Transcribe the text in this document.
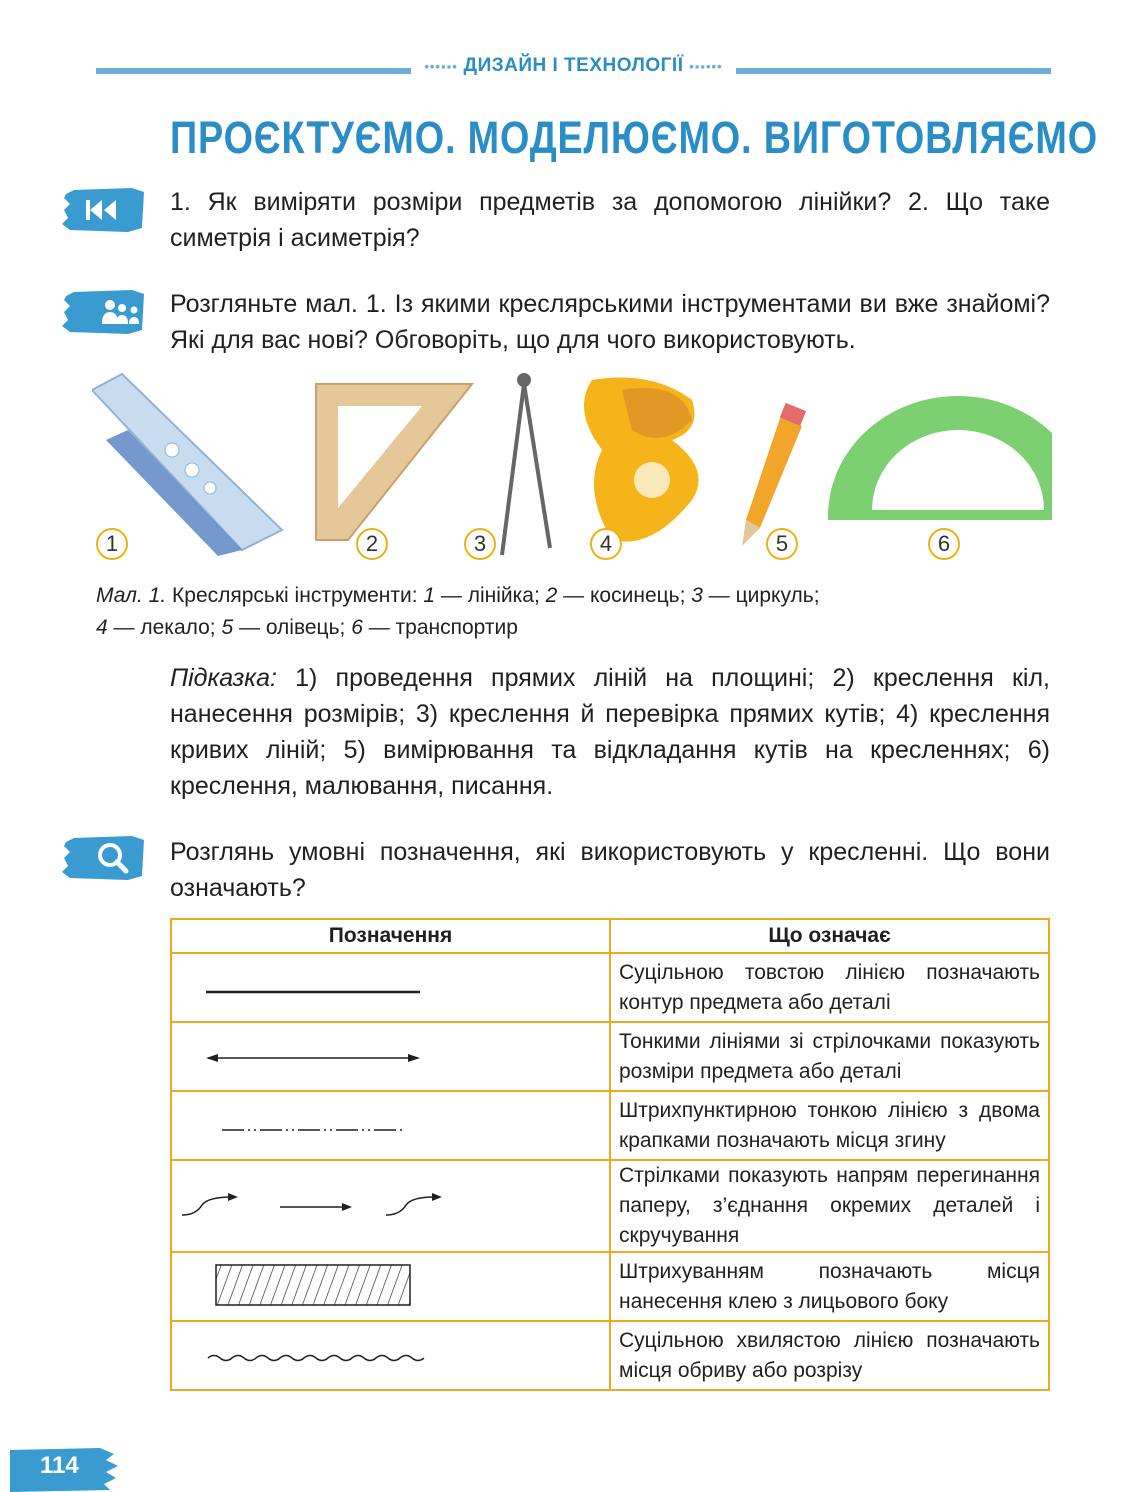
•••▪▪• ДИЗАЙН І ТЕХНОЛОГІЇ •▪▪•••
ПРОЄКТУЄМО. МОДЕЛЮЄМО. ВИГОТОВЛЯЄМО
1. Як виміряти розміри предметів за допомогою лінійки? 2. Що таке симетрія і асиметрія?
Розгляньте мал. 1. Із якими креслярськими інструментами ви вже знайомі? Які для вас нові? Обговоріть, що для чого використовують.
1	2	3	4	5	6
Мал. 1. Креслярські інструменти: 1 — лінійка; 2 — косинець; 3 — циркуль;
4 — лекало; 5 — олівець; 6 — транспортир
Підказка: 1) проведення прямих ліній на площині; 2) креслення кіл, нанесення розмірів; 3) креслення й перевірка прямих кутів; 4) креслення кривих ліній; 5) вимірювання та відкладання кутів на кресленнях; 6) креслення, малювання, писання.
Розглянь умовні позначення, які використовують у кресленні. Що вони означають?
Позначення	Що означає
	Суцільною товстою лінією позначають контур предмета або деталі
	Тонкими лініями зі стрілочками показують розміри предмета або деталі
	Штрихпунктирною тонкою лінією з двома крапками позначають місця згину
	Стрілками показують напрям перегинання паперу, з’єднання окремих деталей і скручування
	Штрихуванням позначають місця нанесення клею з лицьового боку
	Суцільною хвилястою лінією позначають місця обриву або розрізу
114
